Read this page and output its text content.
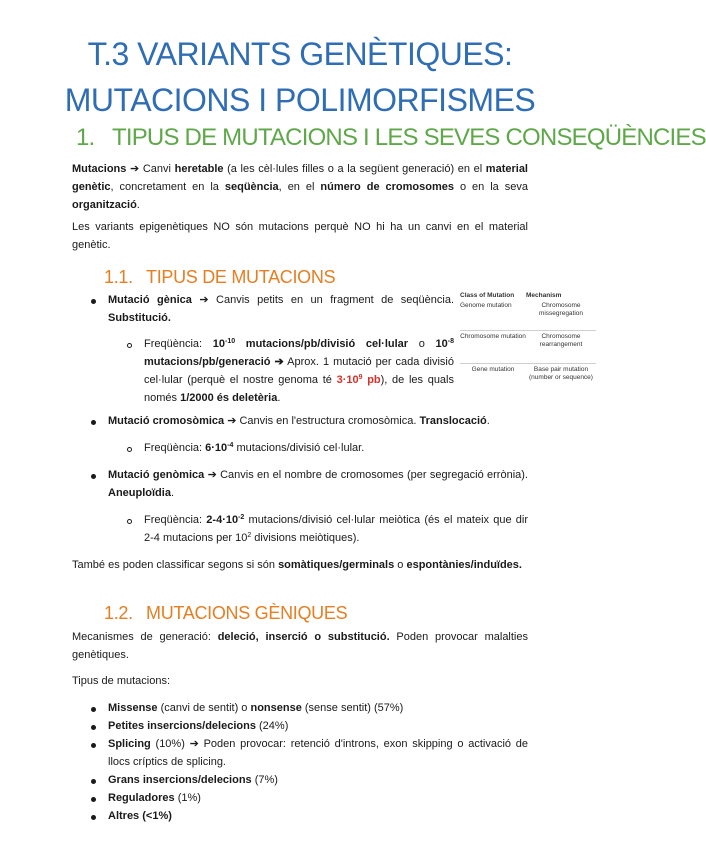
T.3 VARIANTS GENÈTIQUES:
MUTACIONS I POLIMORFISMES
1. TIPUS DE MUTACIONS I LES SEVES CONSEQÜÈNCIES
Mutacions ➔ Canvi heretable (a les cèl·lules filles o a la següent generació) en el material genètic, concretament en la seqüència, en el número de cromosomes o en la seva organització.
Les variants epigenètiques NO són mutacions perquè NO hi ha un canvi en el material genètic.
1.1. TIPUS DE MUTACIONS
Mutació gènica ➔ Canvis petits en un fragment de seqüència. Substitució.
Freqüència: $10^{-10}$ mutacions/pb/divisió cel·lular o $10^{-8}$ mutacions/pb/generació ➔ Aprox. 1 mutació per cada divisió cel·lular (perquè el nostre genoma té $3\cdot 10^9$ pb), de les quals només 1/2000 és deletèria.
Class of Mutation	Mechanism
Genome mutation	Chromosome missegregation
Chromosome mutation	Chromosome rearrangement
Gene mutation	Base pair mutation (number or sequence)
Mutació cromosòmica ➔ Canvis en l'estructura cromosòmica. Translocació.
Freqüència: $6\cdot 10^{-4}$ mutacions/divisió cel·lular.
Mutació genòmica ➔ Canvis en el nombre de cromosomes (per segregació errònia). Aneuploïdia.
Freqüència: $2-4\cdot 10^{-2}$ mutacions/divisió cel·lular meiòtica (és el mateix que dir 2-4 mutacions per $10^2$ divisions meiòtiques).
També es poden classificar segons si són somàtiques/germinals o espontànies/induïdes.
1.2. MUTACIONS GÈNIQUES
Mecanismes de generació: deleció, inserció o substitució. Poden provocar malalties genètiques.
Tipus de mutacions:
Missense (canvi de sentit) o nonsense (sense sentit) (57%)
Petites insercions/delecions (24%)
Splicing (10%) ➔ Poden provocar: retenció d'introns, exon skipping o activació de llocs críptics de splicing.
Grans insercions/delecions (7%)
Reguladores (1%)
Altres (<1%)
